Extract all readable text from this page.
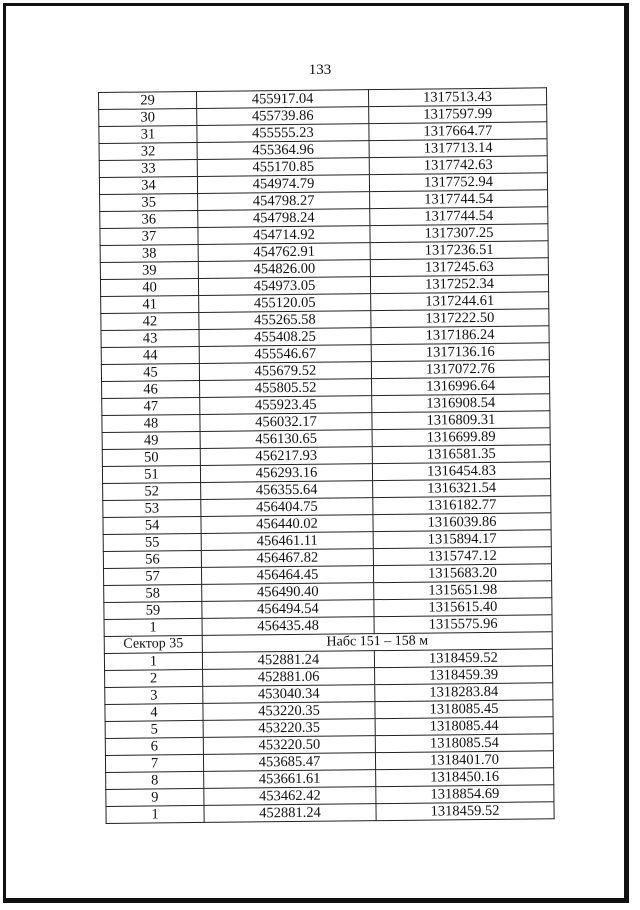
133
29	455917.04	1317513.43
30	455739.86	1317597.99
31	455555.23	1317664.77
32	455364.96	1317713.14
33	455170.85	1317742.63
34	454974.79	1317752.94
35	454798.27	1317744.54
36	454798.24	1317744.54
37	454714.92	1317307.25
38	454762.91	1317236.51
39	454826.00	1317245.63
40	454973.05	1317252.34
41	455120.05	1317244.61
42	455265.58	1317222.50
43	455408.25	1317186.24
44	455546.67	1317136.16
45	455679.52	1317072.76
46	455805.52	1316996.64
47	455923.45	1316908.54
48	456032.17	1316809.31
49	456130.65	1316699.89
50	456217.93	1316581.35
51	456293.16	1316454.83
52	456355.64	1316321.54
53	456404.75	1316182.77
54	456440.02	1316039.86
55	456461.11	1315894.17
56	456467.82	1315747.12
57	456464.45	1315683.20
58	456490.40	1315651.98
59	456494.54	1315615.40
1	456435.48	1315575.96
Сектор 35	Набс 151 – 158 м	
1	452881.24	1318459.52
2	452881.06	1318459.39
3	453040.34	1318283.84
4	453220.35	1318085.45
5	453220.35	1318085.44
6	453220.50	1318085.54
7	453685.47	1318401.70
8	453661.61	1318450.16
9	453462.42	1318854.69
1	452881.24	1318459.52
